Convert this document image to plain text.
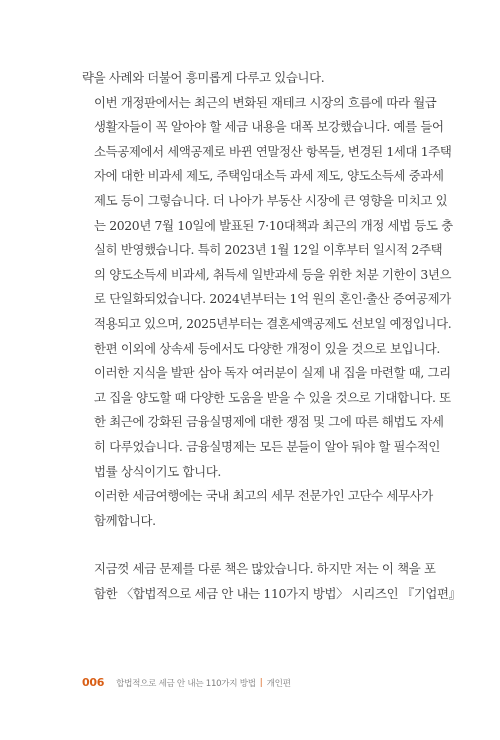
략을 사례와 더불어 흥미롭게 다루고 있습니다.

이번 개정판에서는 최근의 변화된 재테크 시장의 흐름에 따라 월급
생활자들이 꼭 알아야 할 세금 내용을 대폭 보강했습니다. 예를 들어
소득공제에서 세액공제로 바뀐 연말정산 항목들, 변경된 1세대 1주택
자에 대한 비과세 제도, 주택임대소득 과세 제도, 양도소득세 중과세
제도 등이 그렇습니다. 더 나아가 부동산 시장에 큰 영향을 미치고 있
는 2020년 7월 10일에 발표된 7·10대책과 최근의 개정 세법 등도 충
실히 반영했습니다. 특히 2023년 1월 12일 이후부터 일시적 2주택
의 양도소득세 비과세, 취득세 일반과세 등을 위한 처분 기한이 3년으
로 단일화되었습니다. 2024년부터는 1억 원의 혼인·출산 증여공제가
적용되고 있으며, 2025년부터는 결혼세액공제도 선보일 예정입니다.
한편 이외에 상속세 등에서도 다양한 개정이 있을 것으로 보입니다.
이러한 지식을 발판 삼아 독자 여러분이 실제 내 집을 마련할 때, 그리
고 집을 양도할 때 다양한 도움을 받을 수 있을 것으로 기대합니다. 또
한 최근에 강화된 금융실명제에 대한 쟁점 및 그에 따른 해법도 자세
히 다루었습니다. 금융실명제는 모든 분들이 알아 둬야 할 필수적인
법률 상식이기도 합니다.

이러한 세금여행에는 국내 최고의 세무 전문가인 고단수 세무사가
함께합니다.

지금껏 세금 문제를 다룬 책은 많았습니다. 하지만 저는 이 책을 포
함한 〈합법적으로 세금 안 내는 110가지 방법〉 시리즈인 『기업편』

006 합법적으로 세금 안 내는 110가지 방법 | 개인편
